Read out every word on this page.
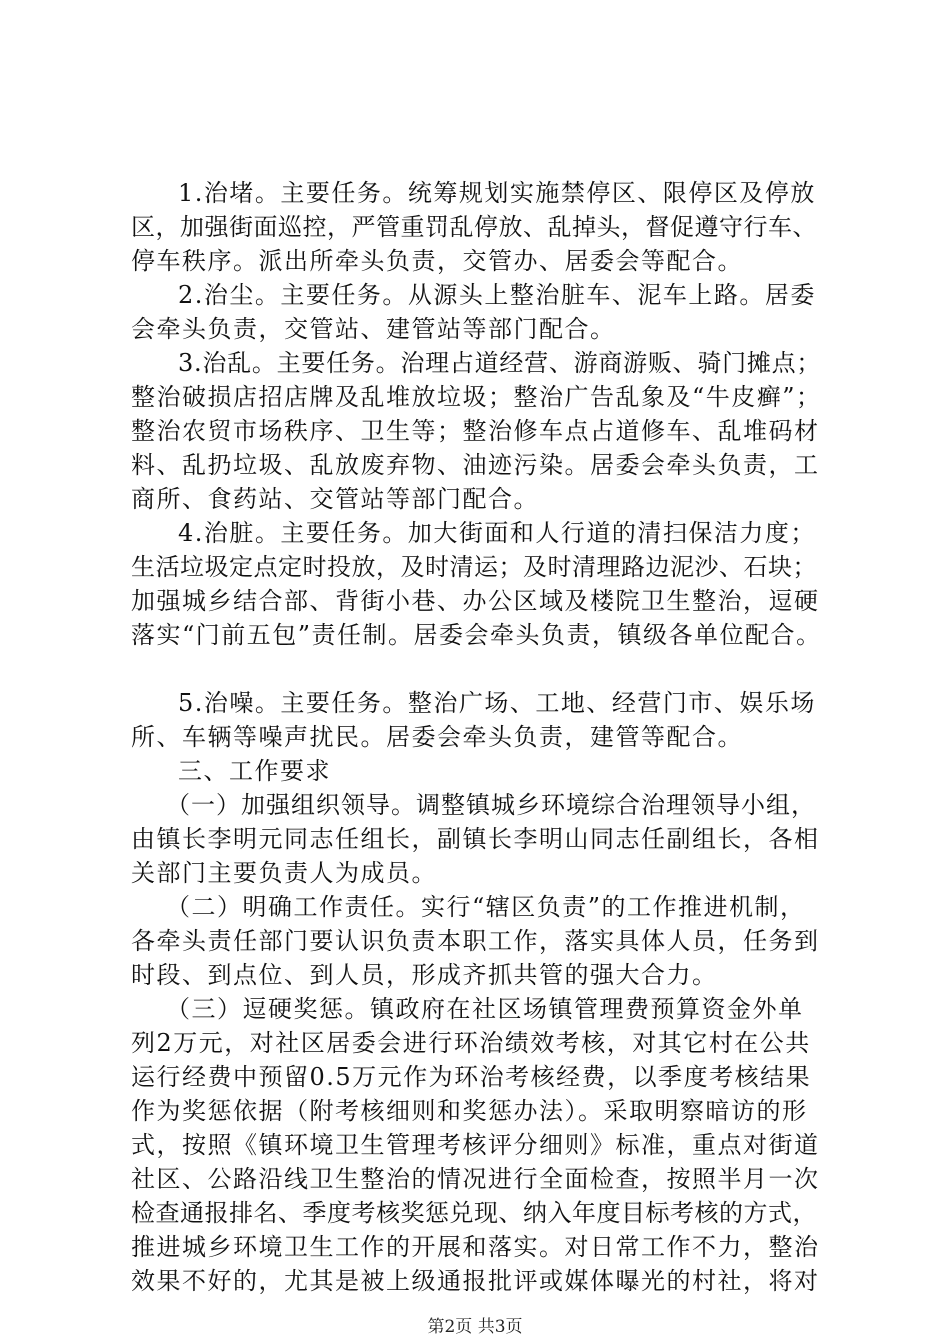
1.治堵。主要任务。统筹规划实施禁停区、限停区及停放
区，加强街面巡控，严管重罚乱停放、乱掉头，督促遵守行车、
停车秩序。派出所牵头负责，交管办、居委会等配合。
2.治尘。主要任务。从源头上整治脏车、泥车上路。居委
会牵头负责，交管站、建管站等部门配合。
3.治乱。主要任务。治理占道经营、游商游贩、骑门摊点；
整治破损店招店牌及乱堆放垃圾；整治广告乱象及“牛皮癣”；
整治农贸市场秩序、卫生等；整治修车点占道修车、乱堆码材
料、乱扔垃圾、乱放废弃物、油迹污染。居委会牵头负责，工
商所、食药站、交管站等部门配合。
4.治脏。主要任务。加大街面和人行道的清扫保洁力度；
生活垃圾定点定时投放，及时清运；及时清理路边泥沙、石块；
加强城乡结合部、背街小巷、办公区域及楼院卫生整治，逗硬
落实“门前五包”责任制。居委会牵头负责，镇级各单位配合。
5.治噪。主要任务。整治广场、工地、经营门市、娱乐场
所、车辆等噪声扰民。居委会牵头负责，建管等配合。
三、工作要求
（一）加强组织领导。调整镇城乡环境综合治理领导小组，
由镇长李明元同志任组长，副镇长李明山同志任副组长，各相
关部门主要负责人为成员。
（二）明确工作责任。实行“辖区负责”的工作推进机制，
各牵头责任部门要认识负责本职工作，落实具体人员，任务到
时段、到点位、到人员，形成齐抓共管的强大合力。
（三）逗硬奖惩。镇政府在社区场镇管理费预算资金外单
列2万元，对社区居委会进行环治绩效考核，对其它村在公共
运行经费中预留0.5万元作为环治考核经费，以季度考核结果
作为奖惩依据（附考核细则和奖惩办法）。采取明察暗访的形
式，按照《镇环境卫生管理考核评分细则》标准，重点对街道
社区、公路沿线卫生整治的情况进行全面检查，按照半月一次
检查通报排名、季度考核奖惩兑现、纳入年度目标考核的方式，
推进城乡环境卫生工作的开展和落实。对日常工作不力，整治
效果不好的，尤其是被上级通报批评或媒体曝光的村社，将对
第2页 共3页
